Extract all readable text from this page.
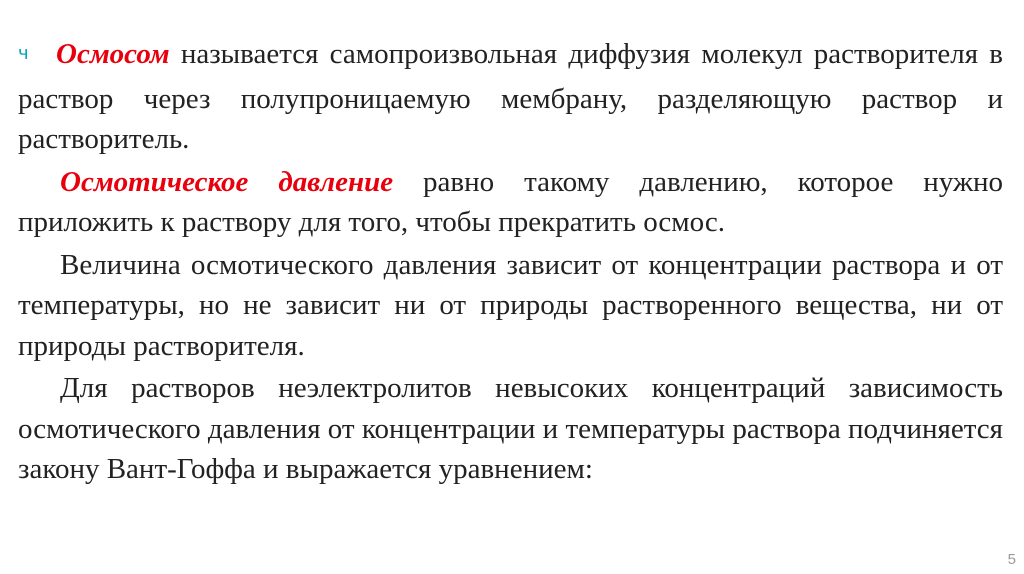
ч Осмосом называется самопроизвольная диффузия молекул растворителя в раствор через полупроницаемую мембрану, разделяющую раствор и растворитель.

Осмотическое давление равно такому давлению, которое нужно приложить к раствору для того, чтобы прекратить осмос.

Величина осмотического давления зависит от концентрации раствора и от температуры, но не зависит ни от природы растворенного вещества, ни от природы растворителя.

Для растворов неэлектролитов невысоких концентраций зависимость осмотического давления от концентрации и температуры раствора подчиняется закону Вант-Гоффа и выражается уравнением:

5
